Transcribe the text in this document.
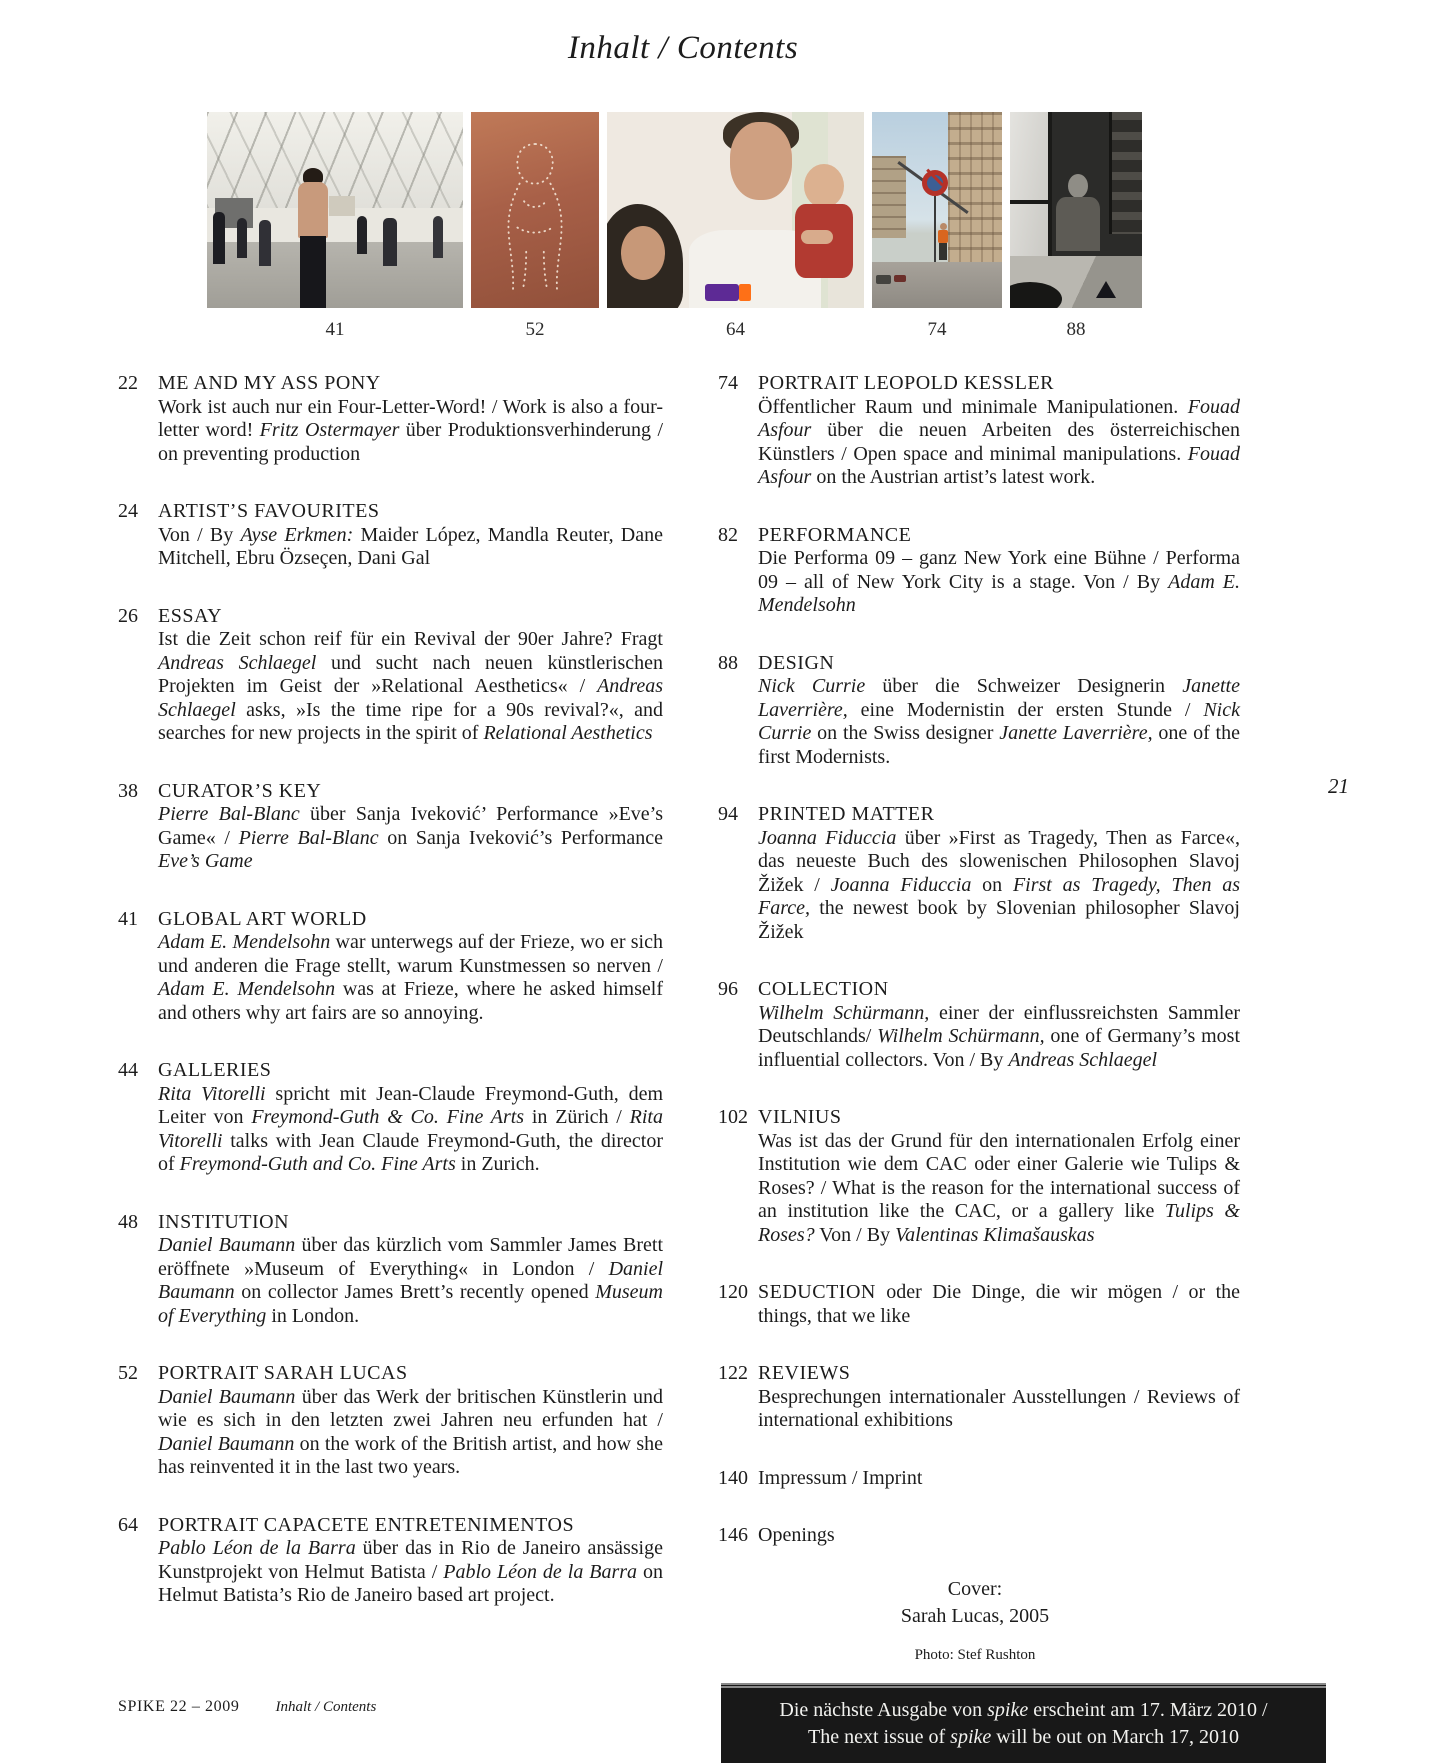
Inhalt / Contents
41	52	64	74	88
22 ME AND MY ASS PONY
Work ist auch nur ein Four-Letter-Word! / Work is also a four-letter word! Fritz Ostermayer über Produktionsverhinderung / on preventing production
24 ARTIST’S FAVOURITES
Von / By Ayse Erkmen: Maider López, Mandla Reuter, Dane Mitchell, Ebru Özseçen, Dani Gal
26 ESSAY
Ist die Zeit schon reif für ein Revival der 90er Jahre? Fragt Andreas Schlaegel und sucht nach neuen künstlerischen Projekten im Geist der »Relational Aesthetics« / Andreas Schlaegel asks, »Is the time ripe for a 90s revival?«, and searches for new projects in the spirit of Relational Aesthetics
38 CURATOR’S KEY
Pierre Bal-Blanc über Sanja Iveković’ Performance »Eve’s Game« / Pierre Bal-Blanc on Sanja Iveković’s Performance Eve’s Game
41 GLOBAL ART WORLD
Adam E. Mendelsohn war unterwegs auf der Frieze, wo er sich und anderen die Frage stellt, warum Kunstmessen so nerven / Adam E. Mendelsohn was at Frieze, where he asked himself and others why art fairs are so annoying.
44 GALLERIES
Rita Vitorelli spricht mit Jean-Claude Freymond-Guth, dem Leiter von Freymond-Guth & Co. Fine Arts in Zürich / Rita Vitorelli talks with Jean Claude Freymond-Guth, the director of Freymond-Guth and Co. Fine Arts in Zurich.
48 INSTITUTION
Daniel Baumann über das kürzlich vom Sammler James Brett eröffnete »Museum of Everything« in London / Daniel Baumann on collector James Brett’s recently opened Museum of Everything in London.
52 PORTRAIT SARAH LUCAS
Daniel Baumann über das Werk der britischen Künstlerin und wie es sich in den letzten zwei Jahren neu erfunden hat / Daniel Baumann on the work of the British artist, and how she has reinvented it in the last two years.
64 PORTRAIT CAPACETE ENTRETENIMENTOS
Pablo Léon de la Barra über das in Rio de Janeiro ansässige Kunstprojekt von Helmut Batista / Pablo Léon de la Barra on Helmut Batista’s Rio de Janeiro based art project.
74 PORTRAIT LEOPOLD KESSLER
Öffentlicher Raum und minimale Manipulationen. Fouad Asfour über die neuen Arbeiten des österreichischen Künstlers / Open space and minimal manipulations. Fouad Asfour on the Austrian artist’s latest work.
82 PERFORMANCE
Die Performa 09 – ganz New York eine Bühne / Performa 09 – all of New York City is a stage. Von / By Adam E. Mendelsohn
88 DESIGN
Nick Currie über die Schweizer Designerin Janette Laverrière, eine Modernistin der ersten Stunde / Nick Currie on the Swiss designer Janette Laverrière, one of the first Modernists.
94 PRINTED MATTER
Joanna Fiduccia über »First as Tragedy, Then as Farce«, das neueste Buch des slowenischen Philosophen Slavoj Žižek / Joanna Fiduccia on First as Tragedy, Then as Farce, the newest book by Slovenian philosopher Slavoj Žižek
96 COLLECTION
Wilhelm Schürmann, einer der einflussreichsten Sammler Deutschlands/ Wilhelm Schürmann, one of Germany’s most influential collectors. Von / By Andreas Schlaegel
102 VILNIUS
Was ist das der Grund für den internationalen Erfolg einer Institution wie dem CAC oder einer Galerie wie Tulips & Roses? / What is the reason for the international success of an institution like the CAC, or a gallery like Tulips & Roses? Von / By Valentinas Klimašauskas
120 SEDUCTION oder Die Dinge, die wir mögen / or the things, that we like
122 REVIEWS
Besprechungen internationaler Ausstellungen / Reviews of international exhibitions
140 Impressum / Imprint
146 Openings
21
Cover:
Sarah Lucas, 2005
Photo: Stef Rushton
Die nächste Ausgabe von spike erscheint am 17. März 2010 /
The next issue of spike will be out on March 17, 2010
SPIKE 22 – 2009 Inhalt / Contents
